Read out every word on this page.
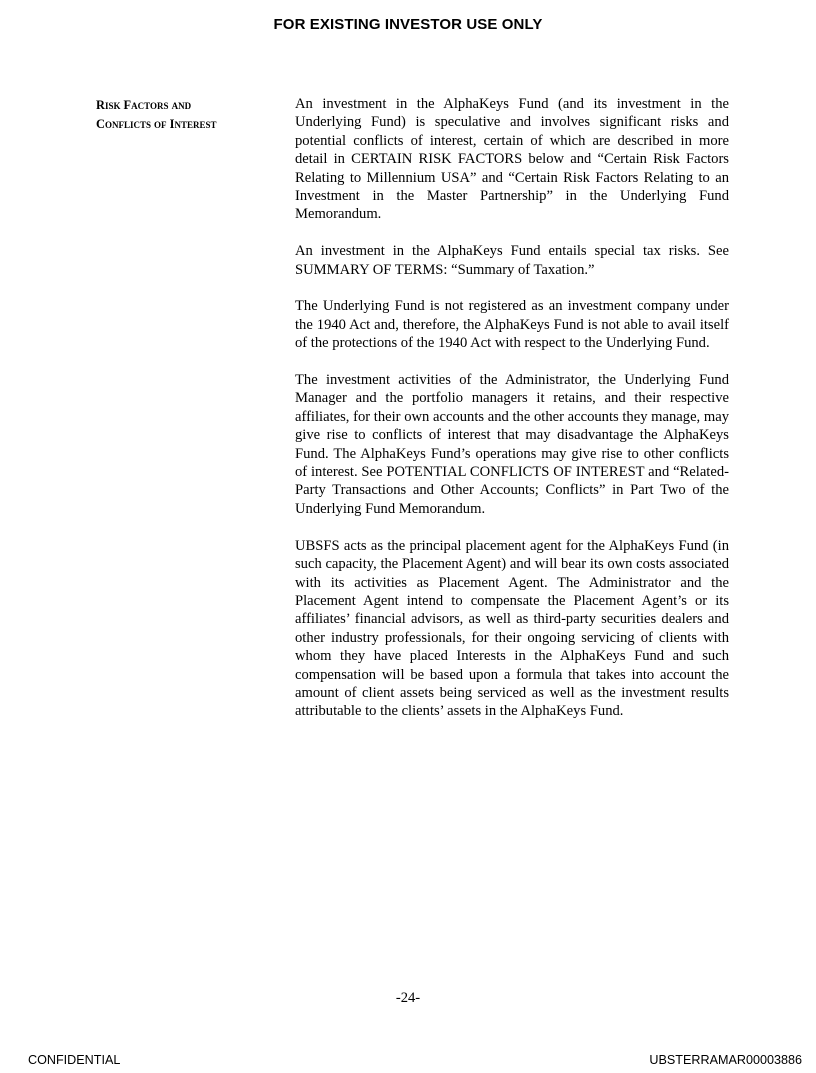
FOR EXISTING INVESTOR USE ONLY
Risk Factors and
Conflicts of Interest

An investment in the AlphaKeys Fund (and its investment in the Underlying Fund) is speculative and involves significant risks and potential conflicts of interest, certain of which are described in more detail in CERTAIN RISK FACTORS below and “Certain Risk Factors Relating to Millennium USA” and “Certain Risk Factors Relating to an Investment in the Master Partnership” in the Underlying Fund Memorandum.

An investment in the AlphaKeys Fund entails special tax risks. See SUMMARY OF TERMS: “Summary of Taxation.”

The Underlying Fund is not registered as an investment company under the 1940 Act and, therefore, the AlphaKeys Fund is not able to avail itself of the protections of the 1940 Act with respect to the Underlying Fund.

The investment activities of the Administrator, the Underlying Fund Manager and the portfolio managers it retains, and their respective affiliates, for their own accounts and the other accounts they manage, may give rise to conflicts of interest that may disadvantage the AlphaKeys Fund. The AlphaKeys Fund’s operations may give rise to other conflicts of interest. See POTENTIAL CONFLICTS OF INTEREST and “Related-Party Transactions and Other Accounts; Conflicts” in Part Two of the Underlying Fund Memorandum.

UBSFS acts as the principal placement agent for the AlphaKeys Fund (in such capacity, the Placement Agent) and will bear its own costs associated with its activities as Placement Agent. The Administrator and the Placement Agent intend to compensate the Placement Agent’s or its affiliates’ financial advisors, as well as third-party securities dealers and other industry professionals, for their ongoing servicing of clients with whom they have placed Interests in the AlphaKeys Fund and such compensation will be based upon a formula that takes into account the amount of client assets being serviced as well as the investment results attributable to the clients’ assets in the AlphaKeys Fund.

-24-
CONFIDENTIAL	UBSTERRAMAR00003886
